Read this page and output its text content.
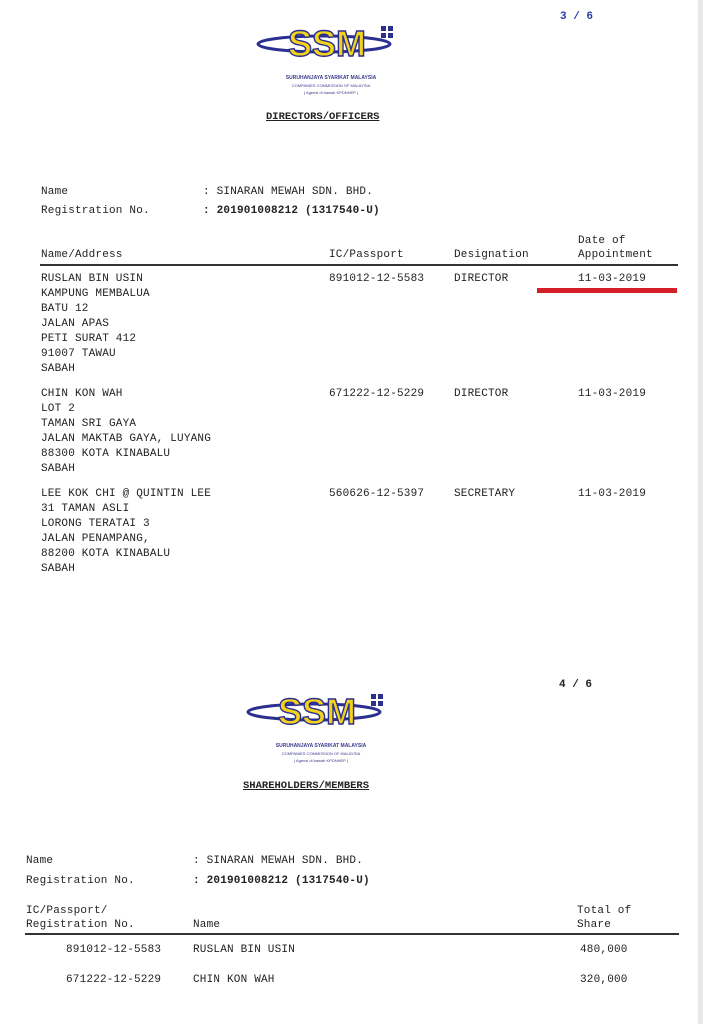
3 / 6
SSM
SURUHANJAYA SYARIKAT MALAYSIA
COMPANIES COMMISSION OF MALAYSIA
( Agensi di bawah KPDNHEP )
DIRECTORS/OFFICERS
Name	: SINARAN MEWAH SDN. BHD.
Registration No.	: 201901008212 (1317540-U)
Name/Address	IC/Passport	Designation
Date of
Appointment
RUSLAN BIN USIN
KAMPUNG MEMBALUA
BATU 12
JALAN APAS
PETI SURAT 412
91007 TAWAU
SABAH
891012-12-5583	DIRECTOR	11-03-2019
CHIN KON WAH
LOT 2
TAMAN SRI GAYA
JALAN MAKTAB GAYA, LUYANG
88300 KOTA KINABALU
SABAH
671222-12-5229	DIRECTOR	11-03-2019
LEE KOK CHI @ QUINTIN LEE
31 TAMAN ASLI
LORONG TERATAI 3
JALAN PENAMPANG,
88200 KOTA KINABALU
SABAH
560626-12-5397	SECRETARY	11-03-2019
4 / 6
SSM
SURUHANJAYA SYARIKAT MALAYSIA
COMPANIES COMMISSION OF MALAYSIA
( Agensi di bawah KPDNHEP )
SHAREHOLDERS/MEMBERS
Name	: SINARAN MEWAH SDN. BHD.
Registration No.	: 201901008212 (1317540-U)
IC/Passport/
Registration No.	Name
Total of
Share
891012-12-5583	RUSLAN BIN USIN	480,000
671222-12-5229	CHIN KON WAH	320,000
